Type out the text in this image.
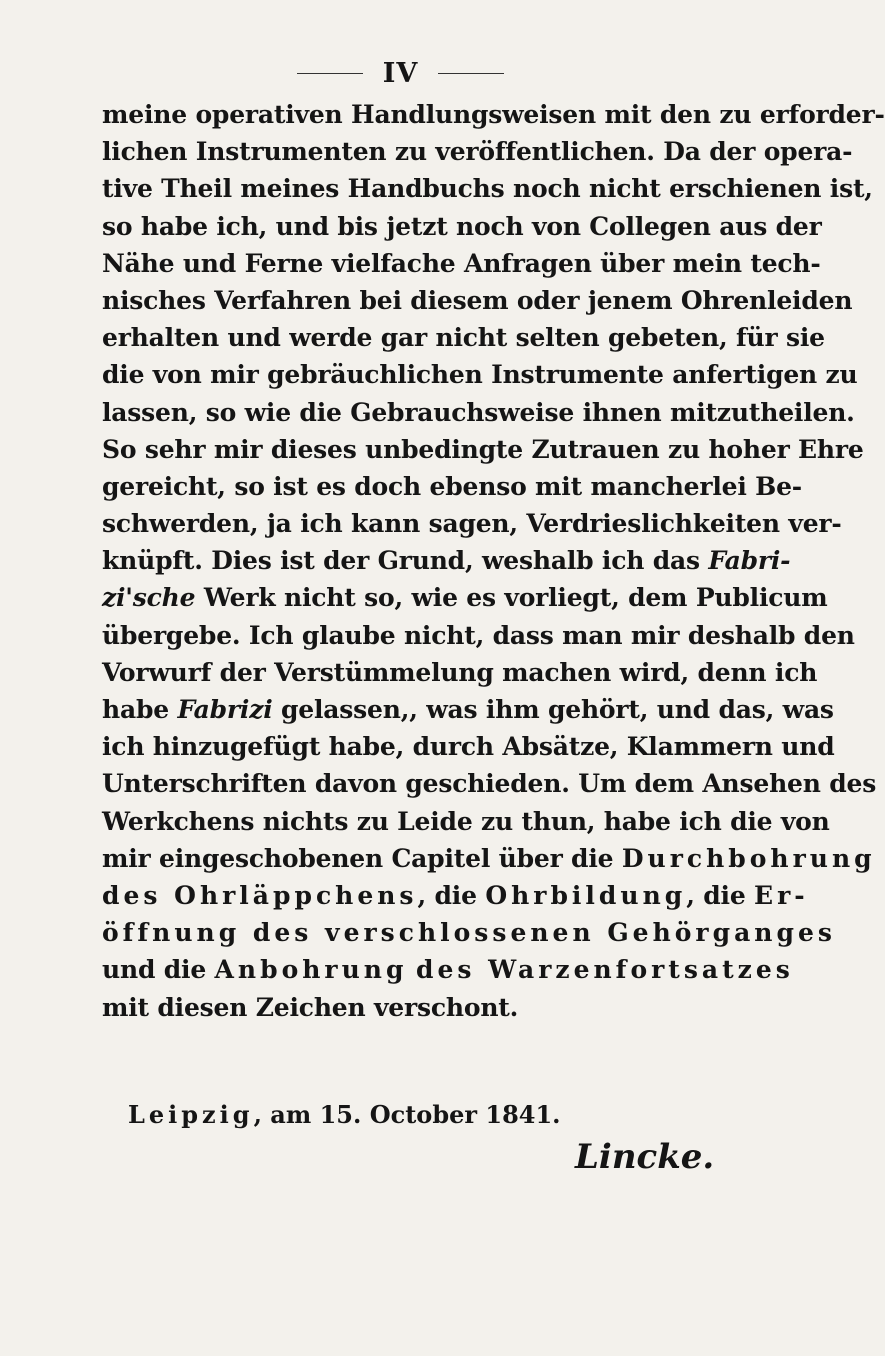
IV
meine operativen Handlungsweisen mit den zu erforder-
lichen Instrumenten zu veröffentlichen. Da der opera-
tive Theil meines Handbuchs noch nicht erschienen ist,
so habe ich, und bis jetzt noch von Collegen aus der
Nähe und Ferne vielfache Anfragen über mein tech-
nisches Verfahren bei diesem oder jenem Ohrenleiden
erhalten und werde gar nicht selten gebeten, für sie
die von mir gebräuchlichen Instrumente anfertigen zu
lassen, so wie die Gebrauchsweise ihnen mitzutheilen.
So sehr mir dieses unbedingte Zutrauen zu hoher Ehre
gereicht, so ist es doch ebenso mit mancherlei Be-
schwerden, ja ich kann sagen, Verdrieslichkeiten ver-
knüpft. Dies ist der Grund, weshalb ich das Fabri-
zi'sche Werk nicht so, wie es vorliegt, dem Publicum
übergebe. Ich glaube nicht, dass man mir deshalb den
Vorwurf der Verstümmelung machen wird, denn ich
habe Fabrizi gelassen,, was ihm gehört, und das, was
ich hinzugefügt habe, durch Absätze, Klammern und
Unterschriften davon geschieden. Um dem Ansehen des
Werkchens nichts zu Leide zu thun, habe ich die von
mir eingeschobenen Capitel über die Durchbohrung
des Ohrläppchens, die Ohrbildung, die Er-
öffnung des verschlossenen Gehörganges
und die Anbohrung des Warzenfortsatzes
mit diesen Zeichen verschont.
Leipzig, am 15. October 1841.
Lincke.
